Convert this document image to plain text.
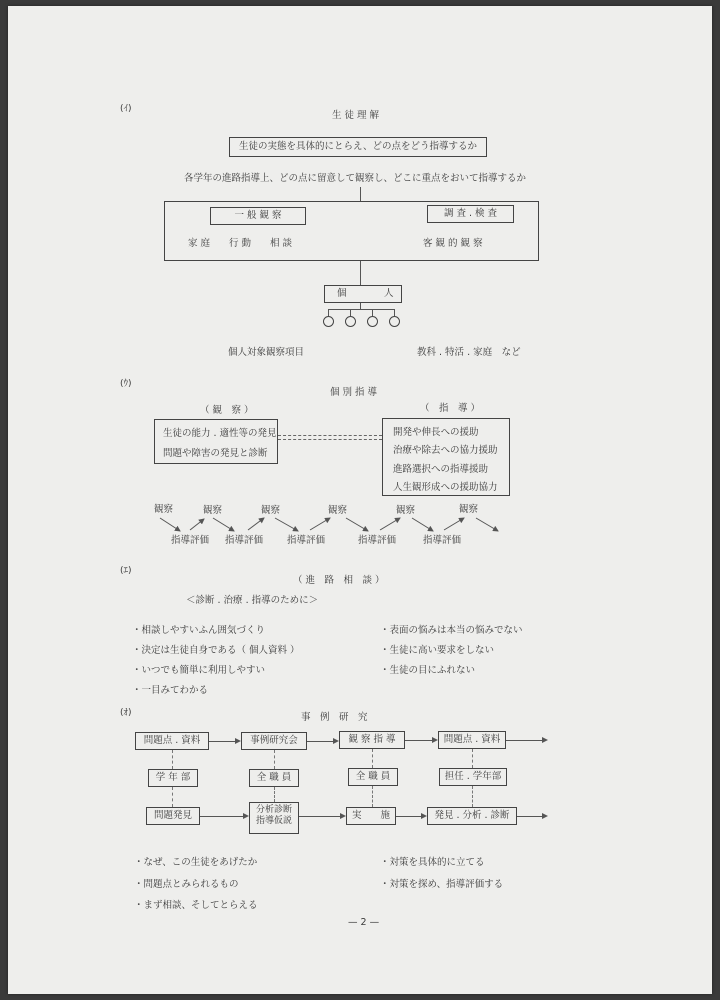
(ｲ)
生 徒 理 解
生徒の実態を具体的にとらえ、どの点をどう指導するか
各学年の進路指導上、どの点に留意して観察し、どこに重点をおいて指導するか
一 般 観 察	調 査 . 検 査
家 庭　　行 動　　相 談	客 観 的 観 察
個	人
個人対象観察項目	教科 . 特活 . 家庭　など
(ｳ)
個 別 指 導
（ 観　察 ）	（　指　導 ）
生徒の能力 . 適性等の発見
問題や障害の発見と診断
開発や伸長への援助
治療や除去への協力援助
進路選択への指導援助
人生観形成への援助協力
観察	観察	観察	観察	観察	観察
指導評価 指導評価	指導評価	指導評価	指導評価
(ｴ)
（ 進　路　相　談 ）
＜診断 . 治療 . 指導のために＞
・相談しやすいふん囲気づくり
・決定は生徒自身である（ 個人資料 ）
・いつでも簡単に利用しやすい
・一目みてわかる
・表面の悩みは本当の悩みでない
・生徒に高い要求をしない
・生徒の目にふれない
(ｵ)	事　例　研　究
問題点 . 資料	事例研究会	観 察 指 導	問題点 . 資料
学 年 部	全 職 員	全 職 員	担任 . 学年部
問題発見	分析診断
指導仮説	実　　施	発見 . 分析 . 診断
・なぜ、この生徒をあげたか
・問題点とみられるもの
・まず相談、そしてとらえる
・対策を具体的に立てる
・対策を探め、指導評価する
— 2 —
